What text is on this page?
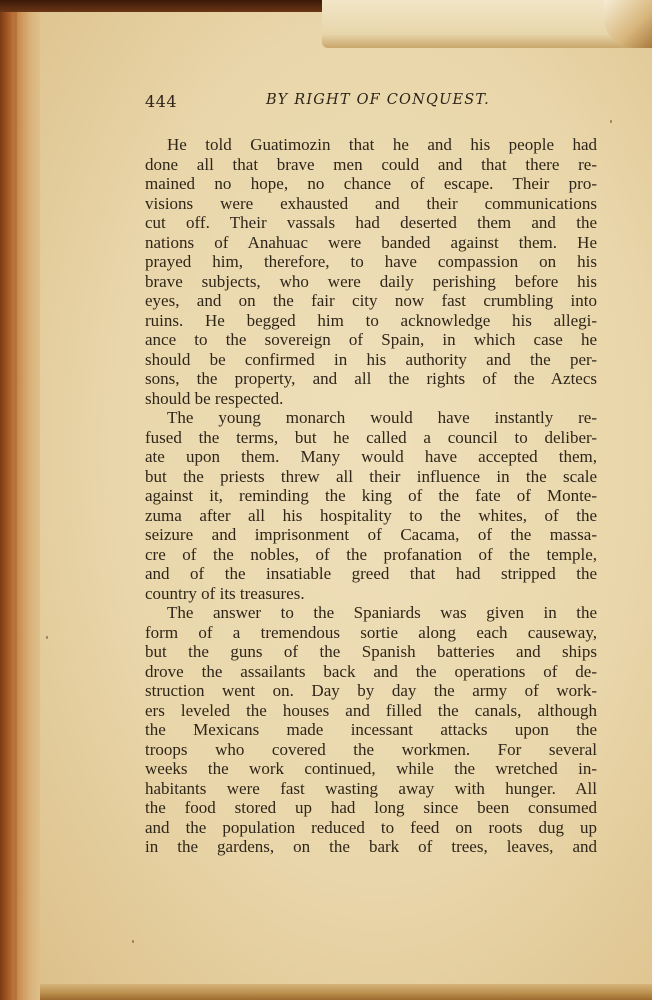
444	BY RIGHT OF CONQUEST.
He told Guatimozin that he and his people had
done all that brave men could and that there re-
mained no hope, no chance of escape. Their pro-
visions were exhausted and their communications
cut off. Their vassals had deserted them and the
nations of Anahuac were banded against them. He
prayed him, therefore, to have compassion on his
brave subjects, who were daily perishing before his
eyes, and on the fair city now fast crumbling into
ruins. He begged him to acknowledge his allegi-
ance to the sovereign of Spain, in which case he
should be confirmed in his authority and the per-
sons, the property, and all the rights of the Aztecs
should be respected.
The young monarch would have instantly re-
fused the terms, but he called a council to deliber-
ate upon them. Many would have accepted them,
but the priests threw all their influence in the scale
against it, reminding the king of the fate of Monte-
zuma after all his hospitality to the whites, of the
seizure and imprisonment of Cacama, of the massa-
cre of the nobles, of the profanation of the temple,
and of the insatiable greed that had stripped the
country of its treasures.
The answer to the Spaniards was given in the
form of a tremendous sortie along each causeway,
but the guns of the Spanish batteries and ships
drove the assailants back and the operations of de-
struction went on. Day by day the army of work-
ers leveled the houses and filled the canals, although
the Mexicans made incessant attacks upon the
troops who covered the workmen. For several
weeks the work continued, while the wretched in-
habitants were fast wasting away with hunger. All
the food stored up had long since been consumed
and the population reduced to feed on roots dug up
in the gardens, on the bark of trees, leaves, and
